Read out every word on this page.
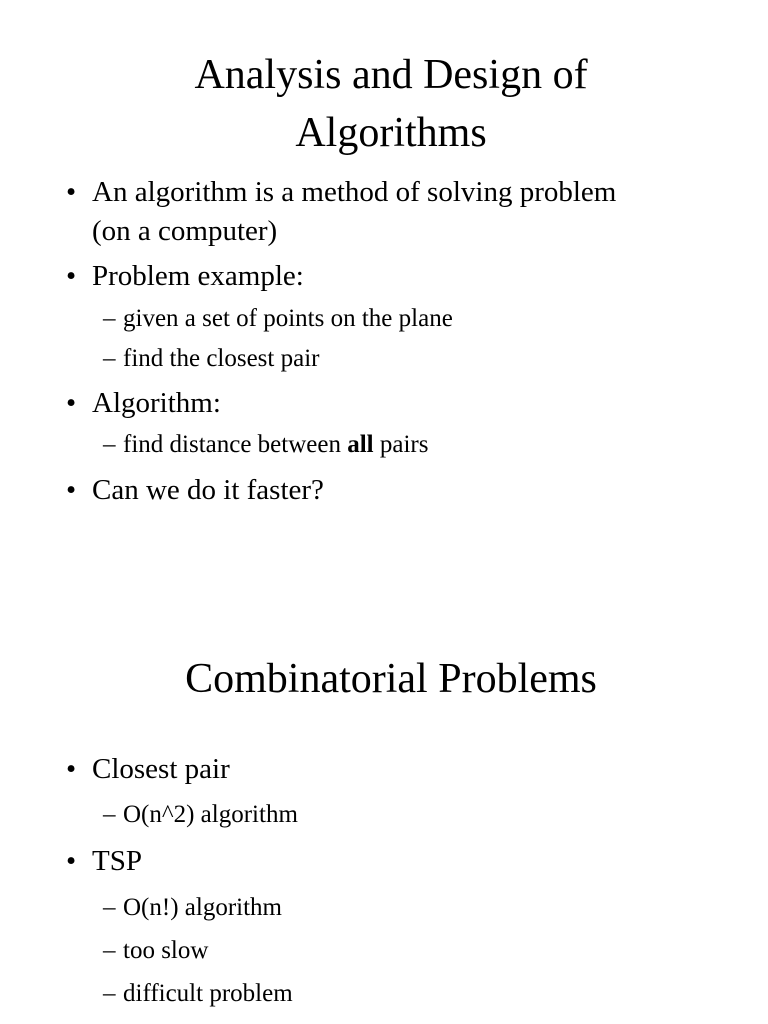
Analysis and Design of
Algorithms
• An algorithm is a method of solving problem
(on a computer)
• Problem example:
– given a set of points on the plane
– find the closest pair
• Algorithm:
– find distance between all pairs
• Can we do it faster?
Combinatorial Problems
• Closest pair
– O(n^2) algorithm
• TSP
– O(n!) algorithm
– too slow
– difficult problem
